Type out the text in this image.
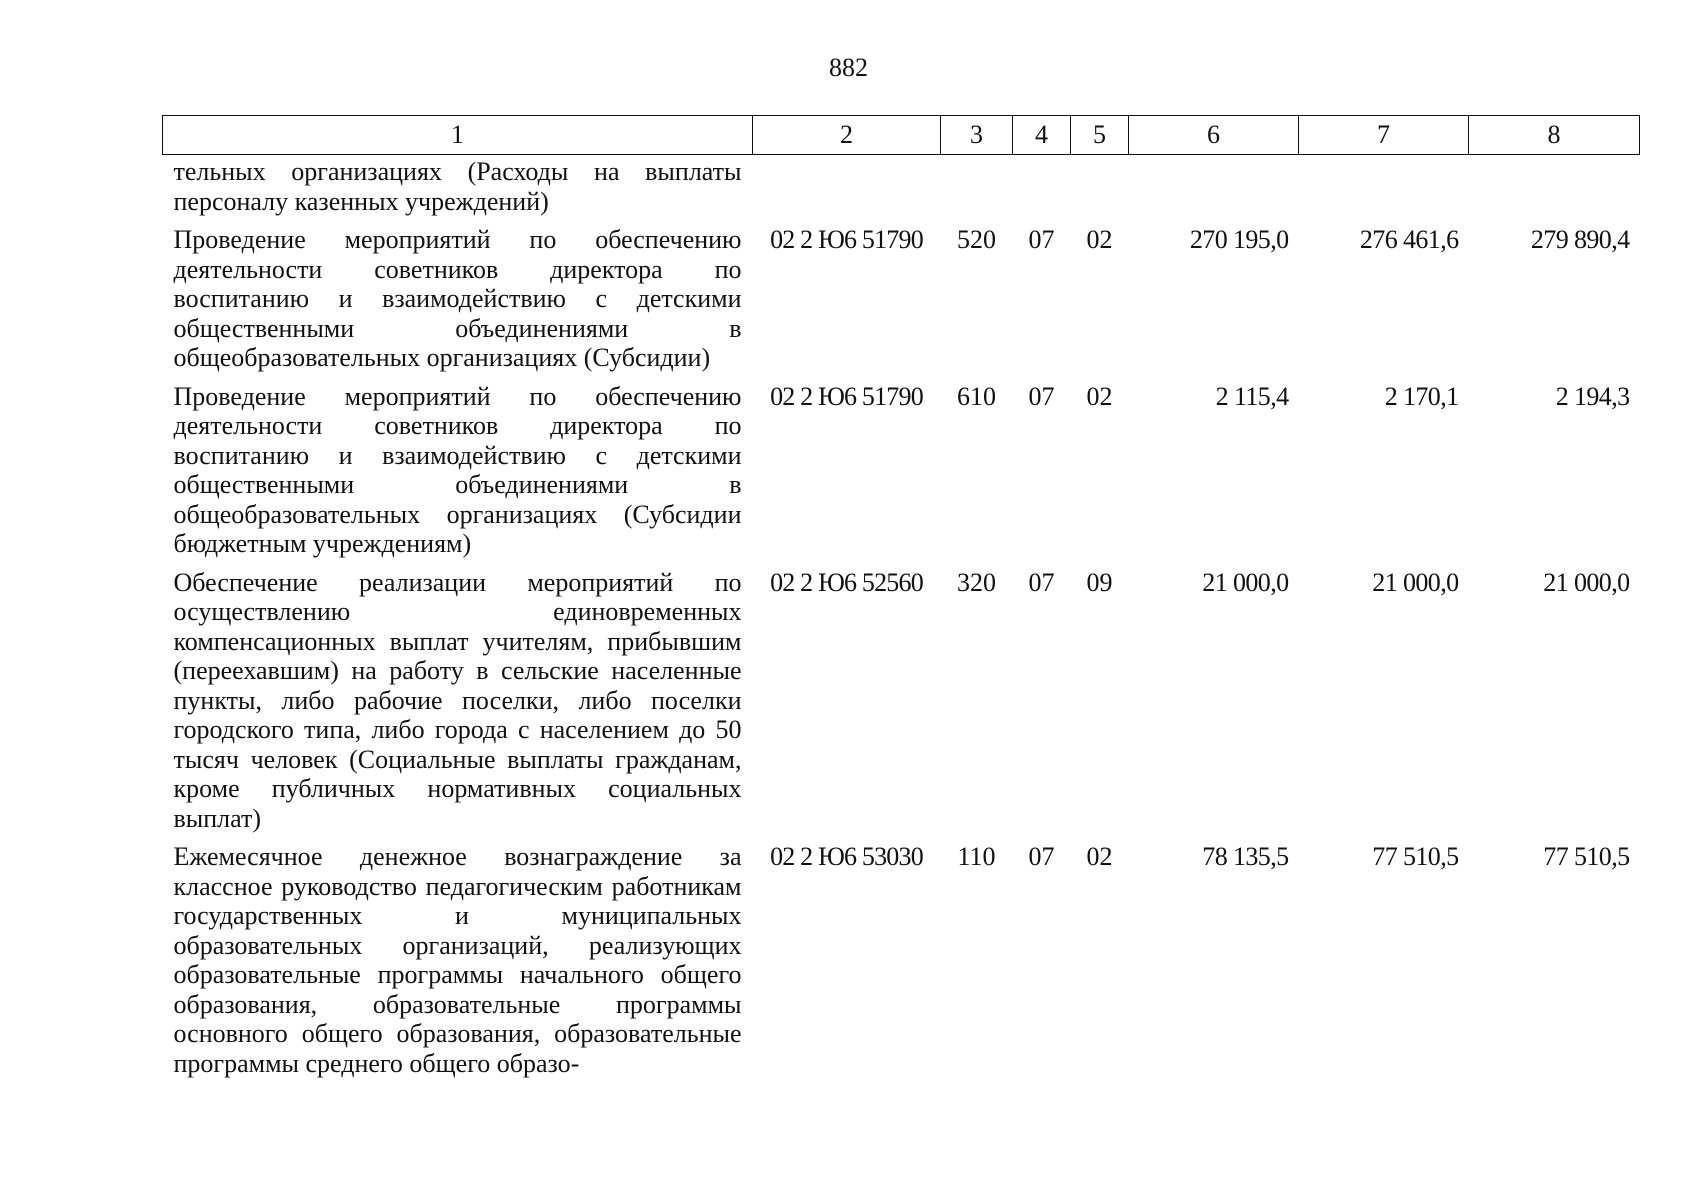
882
1	2	3	4	5	6	7	8
тельных организациях (Расходы на выплаты персоналу казенных учреждений)							
Проведение мероприятий по обеспечению деятельности советников директора по воспитанию и взаимодействию с детскими общественными объединениями в общеобразовательных организациях (Субсидии)	02 2 Ю6 51790	520	07	02	270 195,0	276 461,6	279 890,4
Проведение мероприятий по обеспечению деятельности советников директора по воспитанию и взаимодействию с детскими общественными объединениями в общеобразовательных организациях (Субсидии бюджетным учреждениям)	02 2 Ю6 51790	610	07	02	2 115,4	2 170,1	2 194,3
Обеспечение реализации мероприятий по осуществлению единовременных компенсационных выплат учителям, прибывшим (переехавшим) на работу в сельские населенные пункты, либо рабочие поселки, либо поселки городского типа, либо города с населением до 50 тысяч человек (Социальные выплаты гражданам, кроме публичных нормативных социальных выплат)	02 2 Ю6 52560	320	07	09	21 000,0	21 000,0	21 000,0
Ежемесячное денежное вознаграждение за классное руководство педагогическим работникам государственных и муниципальных образовательных организаций, реализующих образовательные программы начального общего образования, образовательные программы основного общего образования, образовательные программы среднего общего образо-	02 2 Ю6 53030	110	07	02	78 135,5	77 510,5	77 510,5
